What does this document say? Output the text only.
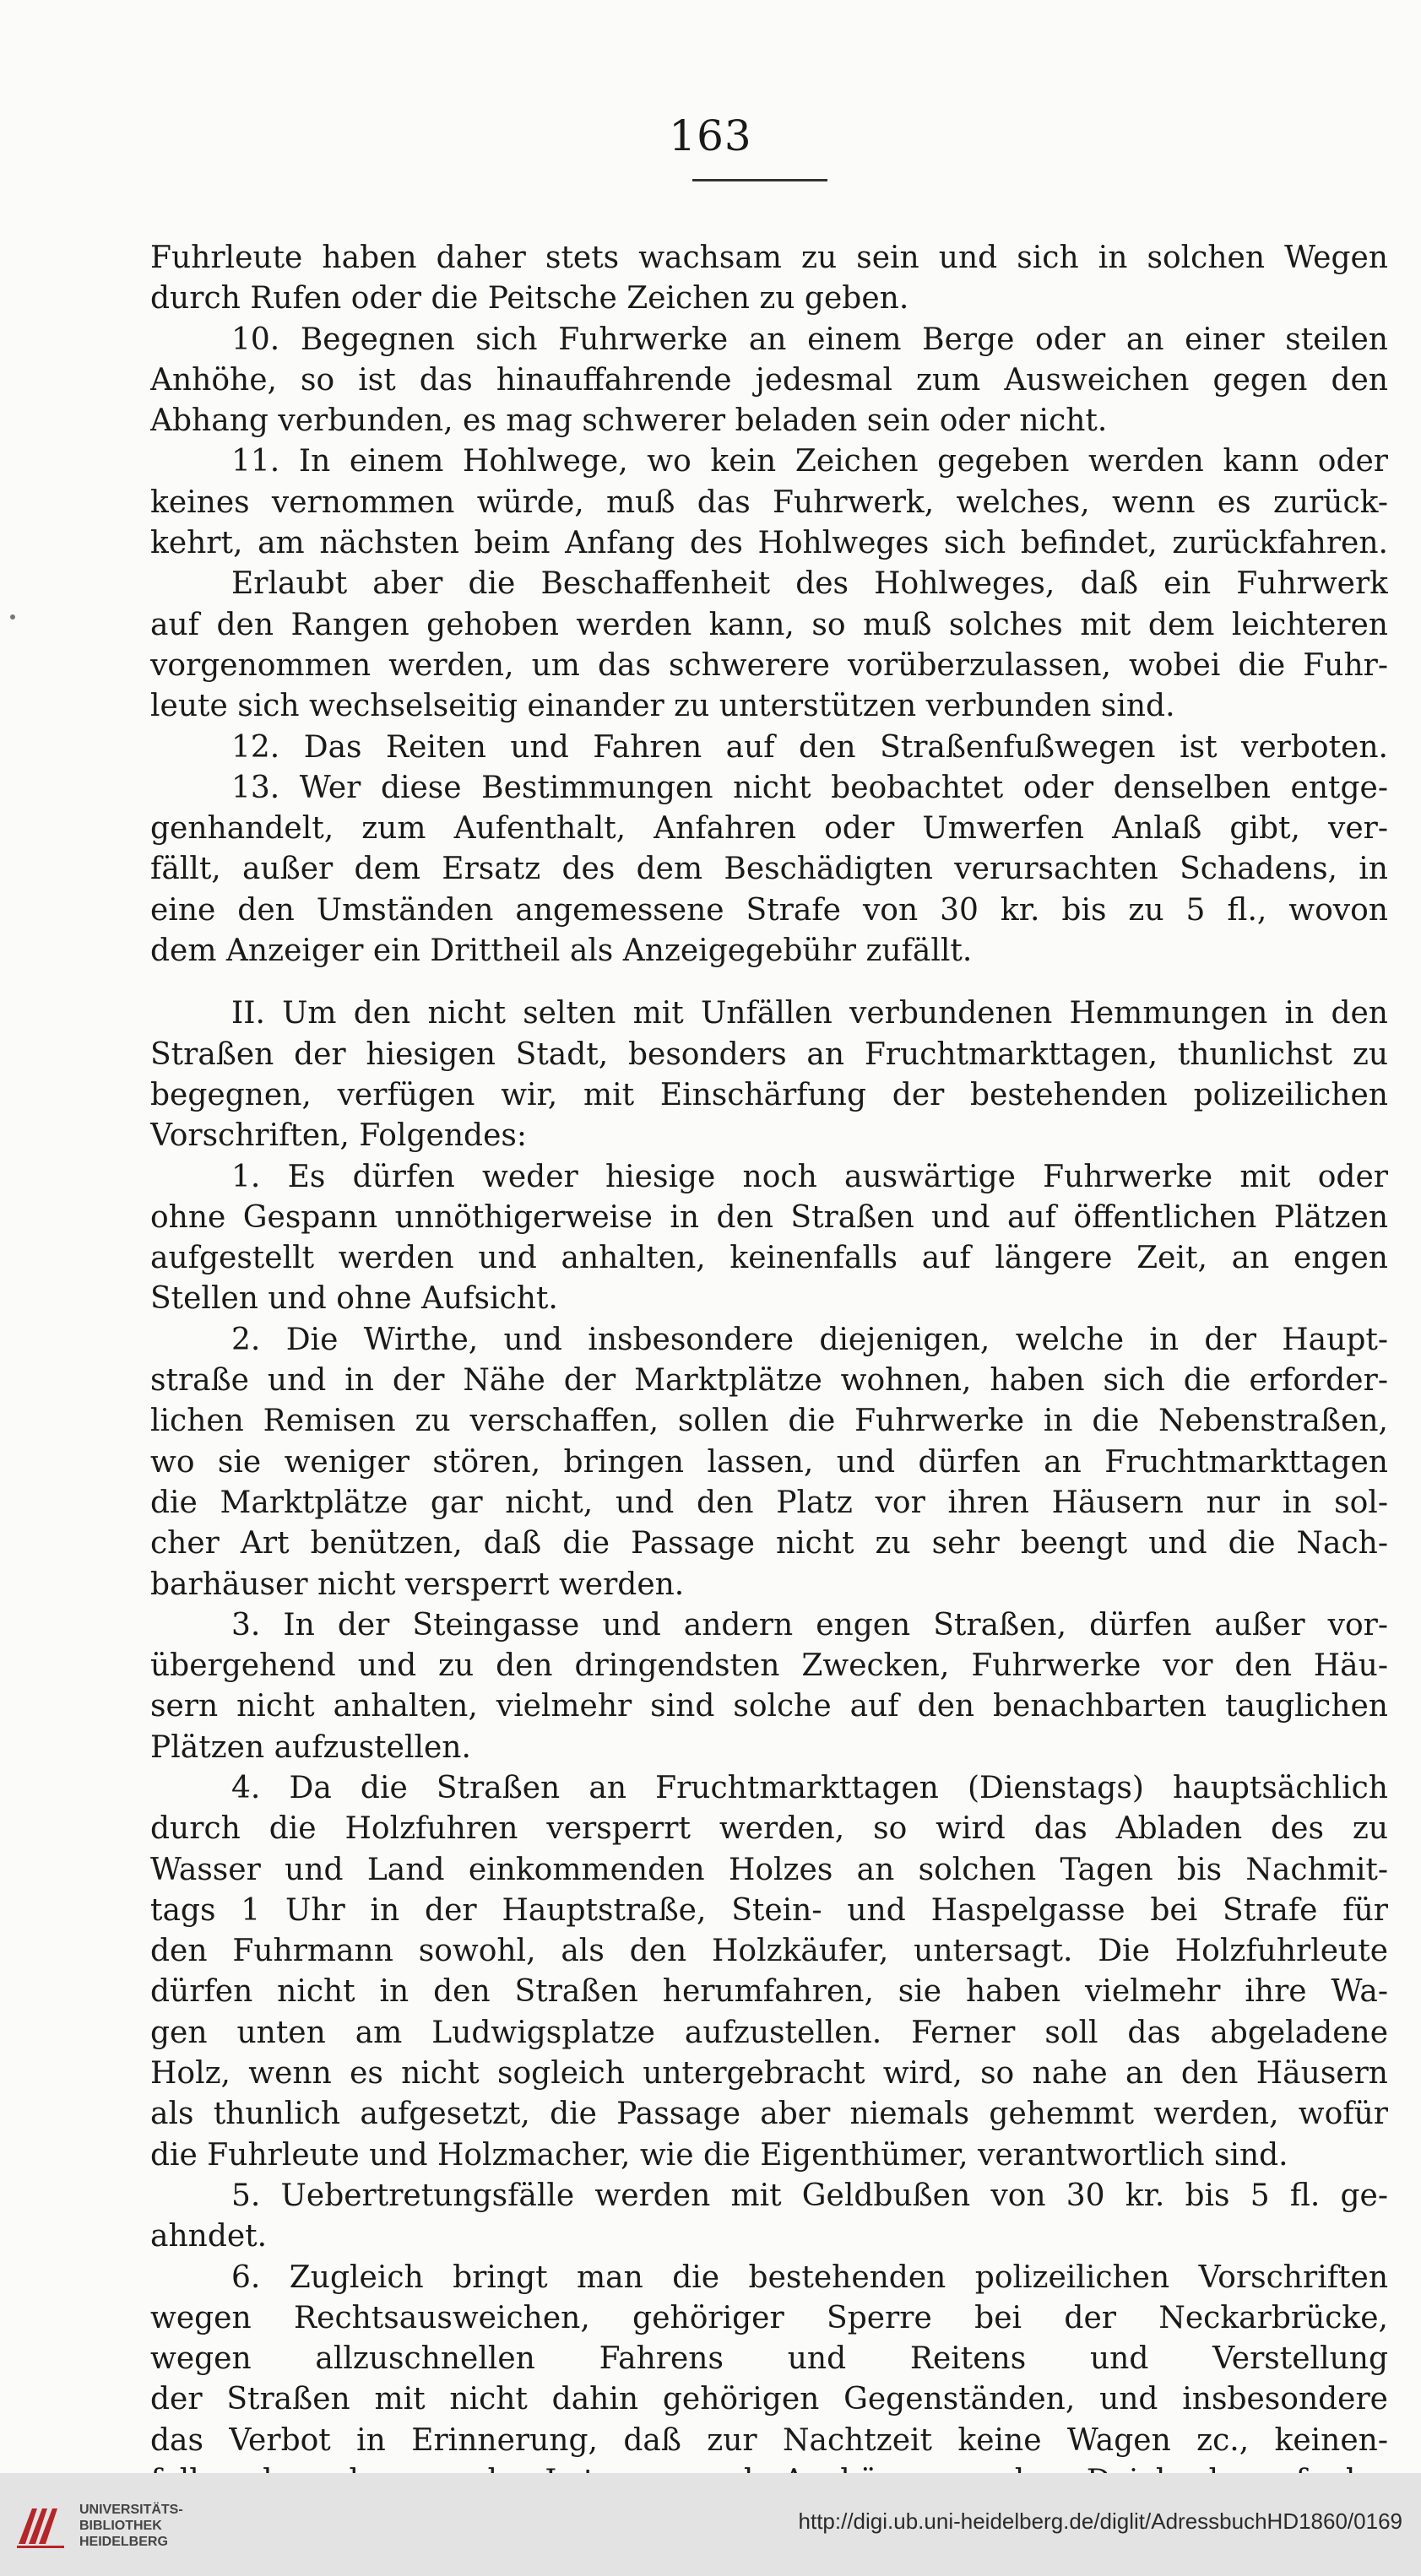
163
Fuhrleute haben daher stets wachsam zu sein und sich in solchen Wegen
durch Rufen oder die Peitsche Zeichen zu geben.
10. Begegnen sich Fuhrwerke an einem Berge oder an einer steilen
Anhöhe, so ist das hinauffahrende jedesmal zum Ausweichen gegen den
Abhang verbunden, es mag schwerer beladen sein oder nicht.
11. In einem Hohlwege, wo kein Zeichen gegeben werden kann oder
keines vernommen würde, muß das Fuhrwerk, welches, wenn es zurück-
kehrt, am nächsten beim Anfang des Hohlweges sich befindet, zurückfahren.
Erlaubt aber die Beschaffenheit des Hohlweges, daß ein Fuhrwerk
auf den Rangen gehoben werden kann, so muß solches mit dem leichteren
vorgenommen werden, um das schwerere vorüberzulassen, wobei die Fuhr-
leute sich wechselseitig einander zu unterstützen verbunden sind.
12. Das Reiten und Fahren auf den Straßenfußwegen ist verboten.
13. Wer diese Bestimmungen nicht beobachtet oder denselben entge-
genhandelt, zum Aufenthalt, Anfahren oder Umwerfen Anlaß gibt, ver-
fällt, außer dem Ersatz des dem Beschädigten verursachten Schadens, in
eine den Umständen angemessene Strafe von 30 kr. bis zu 5 fl., wovon
dem Anzeiger ein Drittheil als Anzeigegebühr zufällt.
II. Um den nicht selten mit Unfällen verbundenen Hemmungen in den
Straßen der hiesigen Stadt, besonders an Fruchtmarkttagen, thunlichst zu
begegnen, verfügen wir, mit Einschärfung der bestehenden polizeilichen
Vorschriften, Folgendes:
1. Es dürfen weder hiesige noch auswärtige Fuhrwerke mit oder
ohne Gespann unnöthigerweise in den Straßen und auf öffentlichen Plätzen
aufgestellt werden und anhalten, keinenfalls auf längere Zeit, an engen
Stellen und ohne Aufsicht.
2. Die Wirthe, und insbesondere diejenigen, welche in der Haupt-
straße und in der Nähe der Marktplätze wohnen, haben sich die erforder-
lichen Remisen zu verschaffen, sollen die Fuhrwerke in die Nebenstraßen,
wo sie weniger stören, bringen lassen, und dürfen an Fruchtmarkttagen
die Marktplätze gar nicht, und den Platz vor ihren Häusern nur in sol-
cher Art benützen, daß die Passage nicht zu sehr beengt und die Nach-
barhäuser nicht versperrt werden.
3. In der Steingasse und andern engen Straßen, dürfen außer vor-
übergehend und zu den dringendsten Zwecken, Fuhrwerke vor den Häu-
sern nicht anhalten, vielmehr sind solche auf den benachbarten tauglichen
Plätzen aufzustellen.
4. Da die Straßen an Fruchtmarkttagen (Dienstags) hauptsächlich
durch die Holzfuhren versperrt werden, so wird das Abladen des zu
Wasser und Land einkommenden Holzes an solchen Tagen bis Nachmit-
tags 1 Uhr in der Hauptstraße, Stein- und Haspelgasse bei Strafe für
den Fuhrmann sowohl, als den Holzkäufer, untersagt. Die Holzfuhrleute
dürfen nicht in den Straßen herumfahren, sie haben vielmehr ihre Wa-
gen unten am Ludwigsplatze aufzustellen. Ferner soll das abgeladene
Holz, wenn es nicht sogleich untergebracht wird, so nahe an den Häusern
als thunlich aufgesetzt, die Passage aber niemals gehemmt werden, wofür
die Fuhrleute und Holzmacher, wie die Eigenthümer, verantwortlich sind.
5. Uebertretungsfälle werden mit Geldbußen von 30 kr. bis 5 fl. ge-
ahndet.
6. Zugleich bringt man die bestehenden polizeilichen Vorschriften
wegen Rechtsausweichen, gehöriger Sperre bei der Neckarbrücke,
wegen allzuschnellen Fahrens und Reitens und Verstellung
der Straßen mit nicht dahin gehörigen Gegenständen, und insbesondere
das Verbot in Erinnerung, daß zur Nachtzeit keine Wagen zc., keinen-
UNIVERSITÄTS-
BIBLIOTHEK
HEIDELBERG
http://digi.ub.uni-heidelberg.de/diglit/AdressbuchHD1860/0169
